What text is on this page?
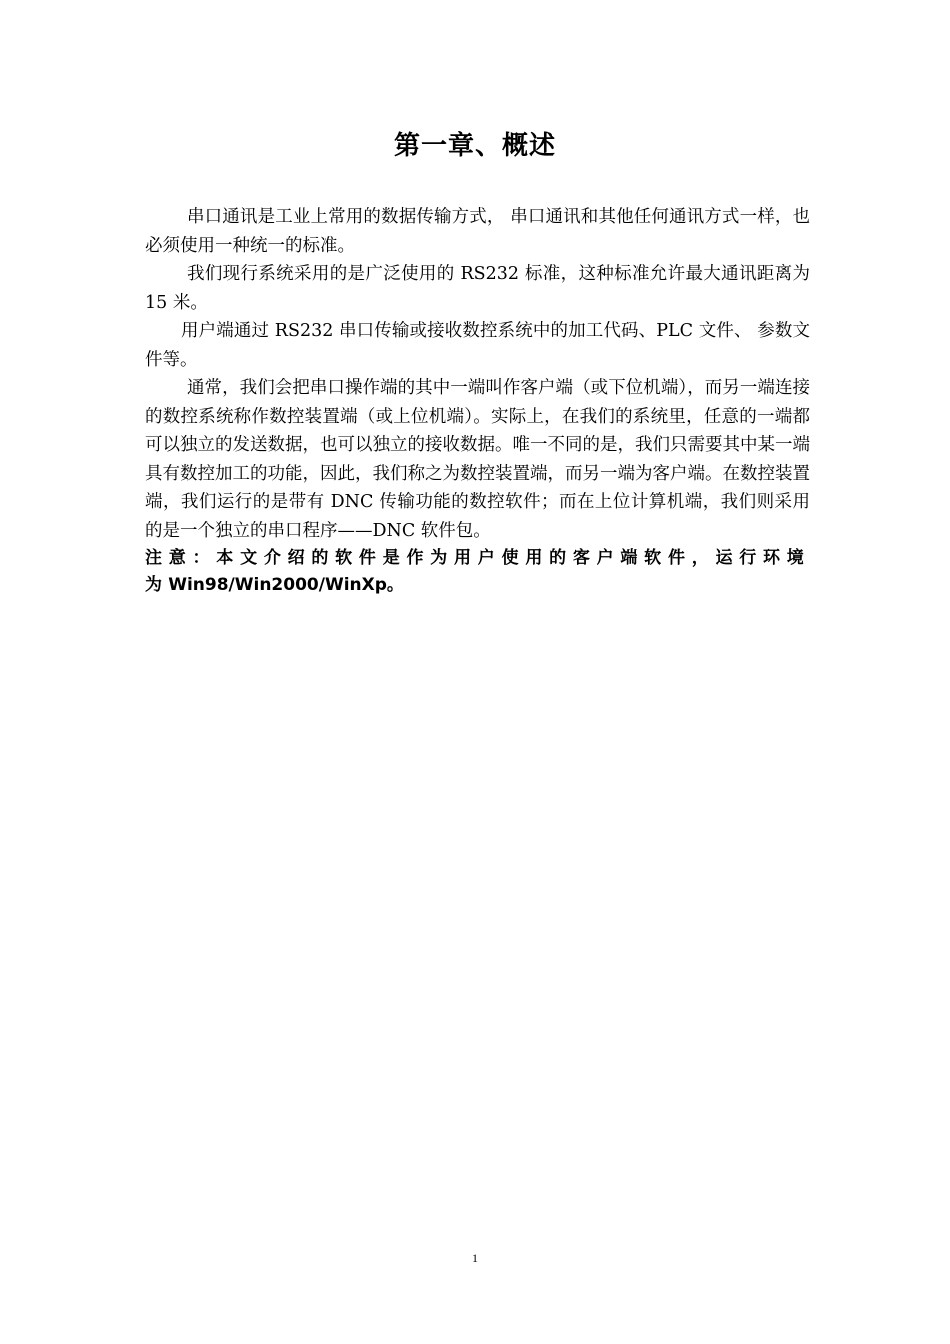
第一章、概述

串口通讯是工业上常用的数据传输方式， 串口通讯和其他任何通讯方式一样，也必须使用一种统一的标准。

我们现行系统采用的是广泛使用的 RS232 标准，这种标准允许最大通讯距离为 15 米。

用户端通过 RS232 串口传输或接收数控系统中的加工代码、PLC 文件、 参数文件等。

通常，我们会把串口操作端的其中一端叫作客户端（或下位机端），而另一端连接的数控系统称作数控装置端（或上位机端）。实际上，在我们的系统里，任意的一端都可以独立的发送数据，也可以独立的接收数据。唯一不同的是，我们只需要其中某一端具有数控加工的功能，因此，我们称之为数控装置端，而另一端为客户端。在数控装置端，我们运行的是带有 DNC 传输功能的数控软件；而在上位计算机端，我们则采用的是一个独立的串口程序——DNC 软件包。

注意：本文介绍的软件是作为用户使用的客户端软件，运行环境为Win98/Win2000/WinXp。

1
